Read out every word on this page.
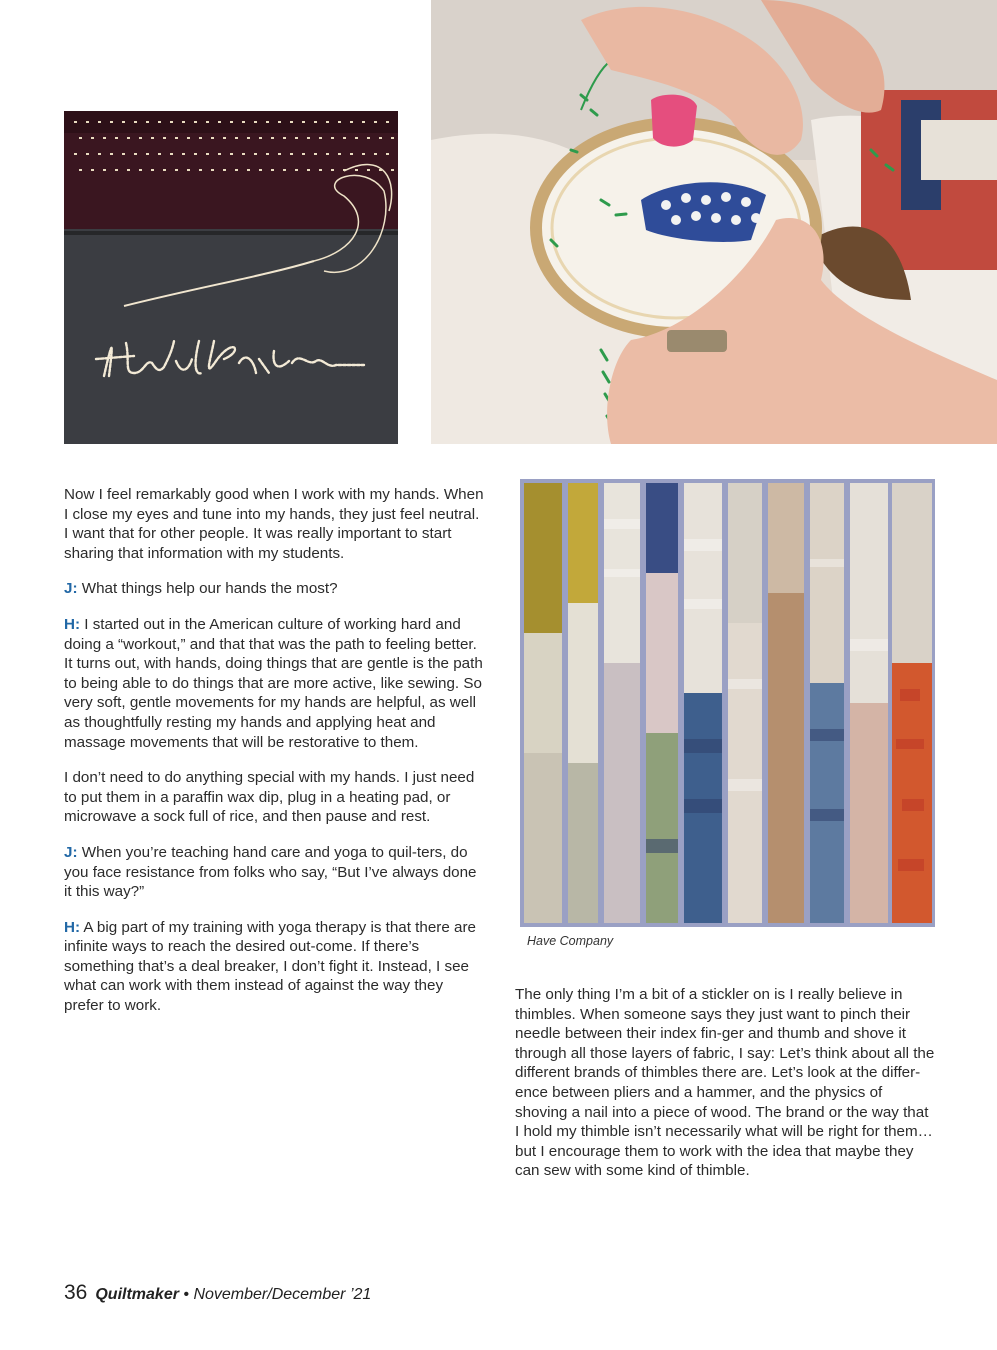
Now I feel remarkably good when I work with my hands. When I close my eyes and tune into my hands, they just feel neutral. I want that for other people. It was really important to start sharing that information with my students.

J: What things help our hands the most?

H: I started out in the American culture of working hard and doing a “workout,” and that that was the path to feeling better. It turns out, with hands, doing things that are gentle is the path to being able to do things that are more active, like sewing. So very soft, gentle movements for my hands are helpful, as well as thoughtfully resting my hands and applying heat and massage movements that will be restorative to them.

I don’t need to do anything special with my hands. I just need to put them in a paraffin wax dip, plug in a heating pad, or microwave a sock full of rice, and then pause and rest.

J: When you’re teaching hand care and yoga to quil-ters, do you face resistance from folks who say, “But I’ve always done it this way?”

H: A big part of my training with yoga therapy is that there are infinite ways to reach the desired out-come. If there’s something that’s a deal breaker, I don’t fight it. Instead, I see what can work with them instead of against the way they prefer to work.

Have Company

The only thing I’m a bit of a stickler on is I really believe in thimbles. When someone says they just want to pinch their needle between their index fin-ger and thumb and shove it through all those layers of fabric, I say: Let’s think about all the different brands of thimbles there are. Let’s look at the differ-ence between pliers and a hammer, and the physics of shoving a nail into a piece of wood. The brand or the way that I hold my thimble isn’t necessarily what will be right for them…but I encourage them to work with the idea that maybe they can sew with some kind of thimble.

36 Quiltmaker • November/December ’21
